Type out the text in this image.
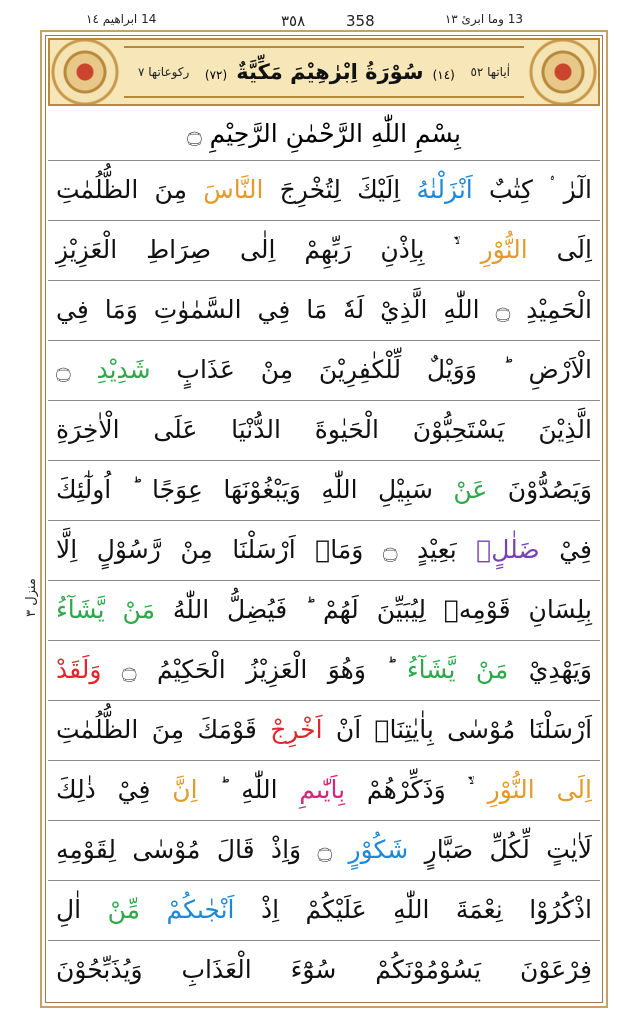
14 ابراهيم ١٤	٣٥٨	358	13 وما ابرئ ١٣
اٰیاتها ٥٢
(١٤) سُوْرَةُ اِبْرٰهِیْمَ مَكِّيَّةٌ (٧٢)
رکوعاتها ٧
منزل ٣
بِسْمِ اللّٰهِ الرَّحْمٰنِ الرَّحِيْمِ ۝
الٓرٰ ۟ كِتٰبٌ اَنْزَلْنٰهُ اِلَيْكَ لِتُخْرِجَ النَّاسَ مِنَ الظُّلُمٰتِ
اِلَى النُّوْرِ ۙ۬ بِاِذْنِ رَبِّهِمْ اِلٰى صِرَاطِ الْعَزِيْزِ
الْحَمِيْدِ ۝ اللّٰهِ الَّذِيْ لَهٗ مَا فِي السَّمٰوٰتِ وَمَا فِي
الْاَرْضِ ؕ وَوَيْلٌ لِّلْكٰفِرِيْنَ مِنْ عَذَابٍ شَدِيْدِ ۝
الَّذِيْنَ يَسْتَحِبُّوْنَ الْحَيٰوةَ الدُّنْيَا عَلَى الْاٰخِرَةِ
وَيَصُدُّوْنَ عَنْ سَبِيْلِ اللّٰهِ وَيَبْغُوْنَهَا عِوَجًا ؕ اُولٰٓئِكَ
فِيْ ضَلٰلٍۭ بَعِيْدٍ ۝ وَمَاۤ اَرْسَلْنَا مِنْ رَّسُوْلٍ اِلَّا
بِلِسَانِ قَوْمِهٖ لِيُبَيِّنَ لَهُمْ ؕ فَيُضِلُّ اللّٰهُ مَنْ يَّشَآءُ
وَيَهْدِيْ مَنْ يَّشَآءُ ؕ وَهُوَ الْعَزِيْزُ الْحَكِيْمُ ۝ وَلَقَدْ
اَرْسَلْنَا مُوْسٰى بِاٰيٰتِنَاۤ اَنْ اَخْرِجْ قَوْمَكَ مِنَ الظُّلُمٰتِ
اِلَى النُّوْرِ ۙ۬ وَذَكِّرْهُمْ بِاَيّٰىمِ اللّٰهِ ؕ اِنَّ فِيْ ذٰلِكَ
لَاٰيٰتٍ لِّكُلِّ صَبَّارٍ شَكُوْرٍ ۝ وَاِذْ قَالَ مُوْسٰى لِقَوْمِهِ
اذْكُرُوْا نِعْمَةَ اللّٰهِ عَلَيْكُمْ اِذْ اَنْجٰىكُمْ مِّنْ اٰلِ
فِرْعَوْنَ يَسُوْمُوْنَكُمْ سُوْٓءَ الْعَذَابِ وَيُذَبِّحُوْنَ
